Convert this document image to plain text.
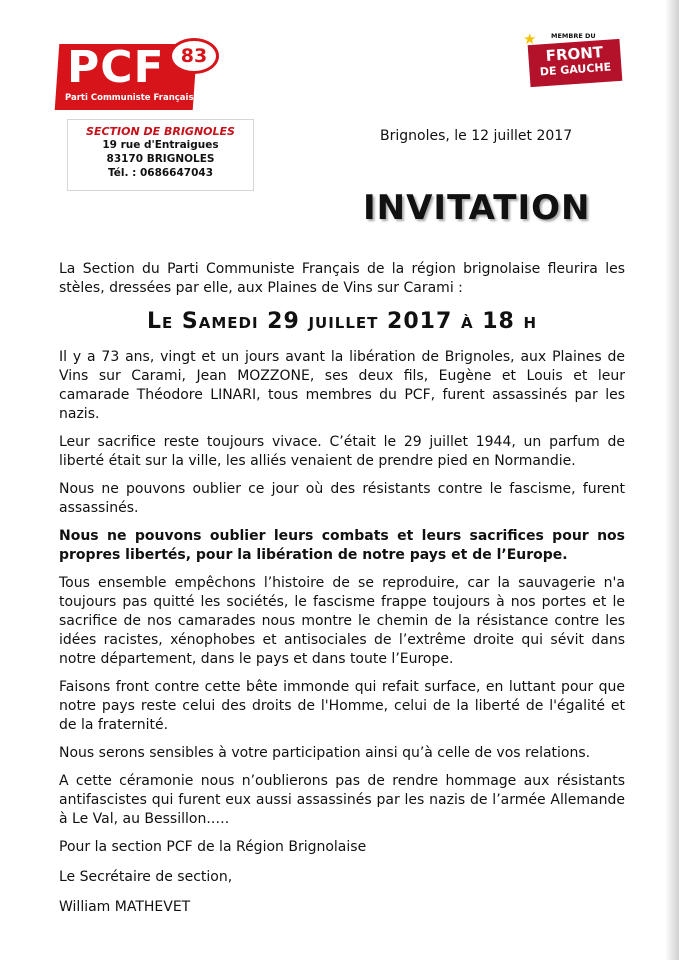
PCF
Parti Communiste Français
83
SECTION DE BRIGNOLES
19 rue d'Entraigues
83170 BRIGNOLES
Tél. : 0686647043
★ MEMBRE DU
FRONT
DE GAUCHE
Brignoles, le 12 juillet 2017
INVITATION

La Section du Parti Communiste Français de la région brignolaise fleurira les stèles, dressées par elle, aux Plaines de Vins sur Carami :

Le Samedi 29 juillet 2017 à 18 h

Il y a 73 ans, vingt et un jours avant la libération de Brignoles, aux Plaines de Vins sur Carami, Jean MOZZONE, ses deux fils, Eugène et Louis et leur camarade Théodore LINARI, tous membres du PCF, furent assassinés par les nazis.

Leur sacrifice reste toujours vivace. C’était le 29 juillet 1944, un parfum de liberté était sur la ville, les alliés venaient de prendre pied en Normandie.

Nous ne pouvons oublier ce jour où des résistants contre le fascisme, furent assassinés.

Nous ne pouvons oublier leurs combats et leurs sacrifices pour nos propres libertés, pour la libération de notre pays et de l’Europe.

Tous ensemble empêchons l’histoire de se reproduire, car la sauvagerie n'a toujours pas quitté les sociétés, le fascisme frappe toujours à nos portes et le sacrifice de nos camarades nous montre le chemin de la résistance contre les idées racistes, xénophobes et antisociales de l’extrême droite qui sévit dans notre département, dans le pays et dans toute l’Europe.

Faisons front contre cette bête immonde qui refait surface, en luttant pour que notre pays reste celui des droits de l'Homme, celui de la liberté de l'égalité et de la fraternité.

Nous serons sensibles à votre participation ainsi qu’à celle de vos relations.

A cette céramonie nous n’oublierons pas de rendre hommage aux résistants antifascistes qui furent eux aussi assassinés par les nazis de l’armée Allemande à Le Val, au Bessillon.….

Pour la section PCF de la Région Brignolaise

Le Secrétaire de section,

William MATHEVET
